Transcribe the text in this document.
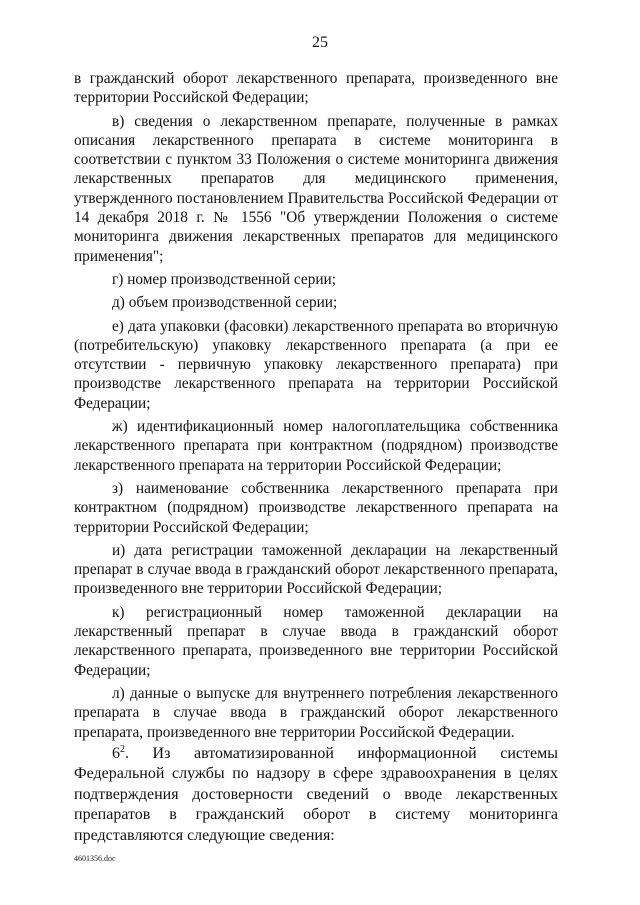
25

в гражданский оборот лекарственного препарата, произведенного вне территории Российской Федерации;

в) сведения о лекарственном препарате, полученные в рамках описания лекарственного препарата в системе мониторинга в соответствии с пунктом 33 Положения о системе мониторинга движения лекарственных препаратов для медицинского применения, утвержденного постановлением Правительства Российской Федерации от 14 декабря 2018 г. № 1556 "Об утверждении Положения о системе мониторинга движения лекарственных препаратов для медицинского применения";

г) номер производственной серии;

д) объем производственной серии;

е) дата упаковки (фасовки) лекарственного препарата во вторичную (потребительскую) упаковку лекарственного препарата (а при ее отсутствии - первичную упаковку лекарственного препарата) при производстве лекарственного препарата на территории Российской Федерации;

ж) идентификационный номер налогоплательщика собственника лекарственного препарата при контрактном (подрядном) производстве лекарственного препарата на территории Российской Федерации;

з) наименование собственника лекарственного препарата при контрактном (подрядном) производстве лекарственного препарата на территории Российской Федерации;

и) дата регистрации таможенной декларации на лекарственный препарат в случае ввода в гражданский оборот лекарственного препарата, произведенного вне территории Российской Федерации;

к) регистрационный номер таможенной декларации на лекарственный препарат в случае ввода в гражданский оборот лекарственного препарата, произведенного вне территории Российской Федерации;

л) данные о выпуске для внутреннего потребления лекарственного препарата в случае ввода в гражданский оборот лекарственного препарата, произведенного вне территории Российской Федерации.

$6^2$. Из автоматизированной информационной системы Федеральной службы по надзору в сфере здравоохранения в целях подтверждения достоверности сведений о вводе лекарственных препаратов в гражданский оборот в систему мониторинга представляются следующие сведения:

4601356.doc
